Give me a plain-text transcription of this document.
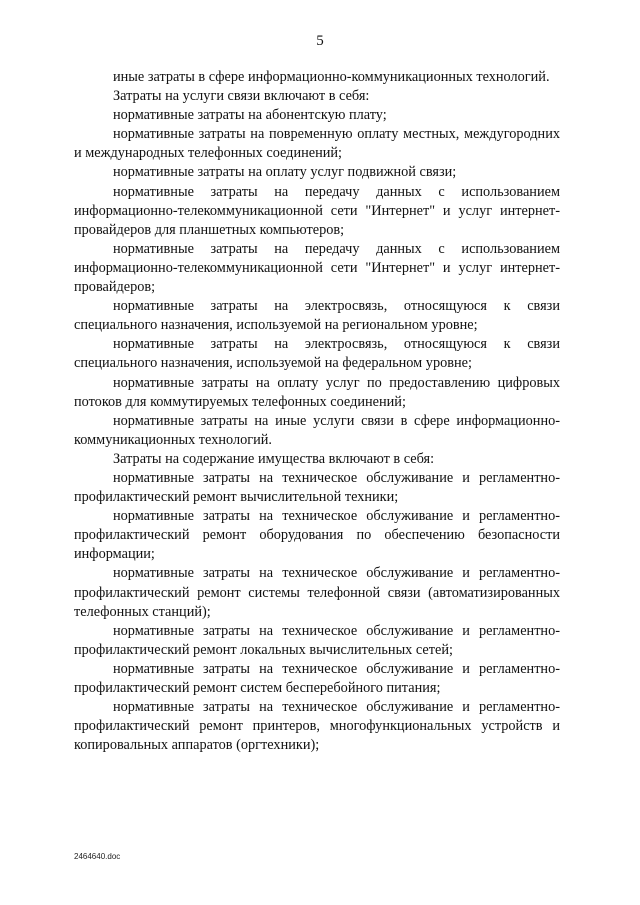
5

иные затраты в сфере информационно-коммуникационных технологий.

Затраты на услуги связи включают в себя:

нормативные затраты на абонентскую плату;

нормативные затраты на повременную оплату местных, междугородних и международных телефонных соединений;

нормативные затраты на оплату услуг подвижной связи;

нормативные затраты на передачу данных с использованием информационно-телекоммуникационной сети "Интернет" и услуг интернет-провайдеров для планшетных компьютеров;

нормативные затраты на передачу данных с использованием информационно-телекоммуникационной сети "Интернет" и услуг интернет-провайдеров;

нормативные затраты на электросвязь, относящуюся к связи специального назначения, используемой на региональном уровне;

нормативные затраты на электросвязь, относящуюся к связи специального назначения, используемой на федеральном уровне;

нормативные затраты на оплату услуг по предоставлению цифровых потоков для коммутируемых телефонных соединений;

нормативные затраты на иные услуги связи в сфере информационно-коммуникационных технологий.

Затраты на содержание имущества включают в себя:

нормативные затраты на техническое обслуживание и регламентно-профилактический ремонт вычислительной техники;

нормативные затраты на техническое обслуживание и регламентно-профилактический ремонт оборудования по обеспечению безопасности информации;

нормативные затраты на техническое обслуживание и регламентно-профилактический ремонт системы телефонной связи (автоматизированных телефонных станций);

нормативные затраты на техническое обслуживание и регламентно-профилактический ремонт локальных вычислительных сетей;

нормативные затраты на техническое обслуживание и регламентно-профилактический ремонт систем бесперебойного питания;

нормативные затраты на техническое обслуживание и регламентно-профилактический ремонт принтеров, многофункциональных устройств и копировальных аппаратов (оргтехники);

2464640.doc
